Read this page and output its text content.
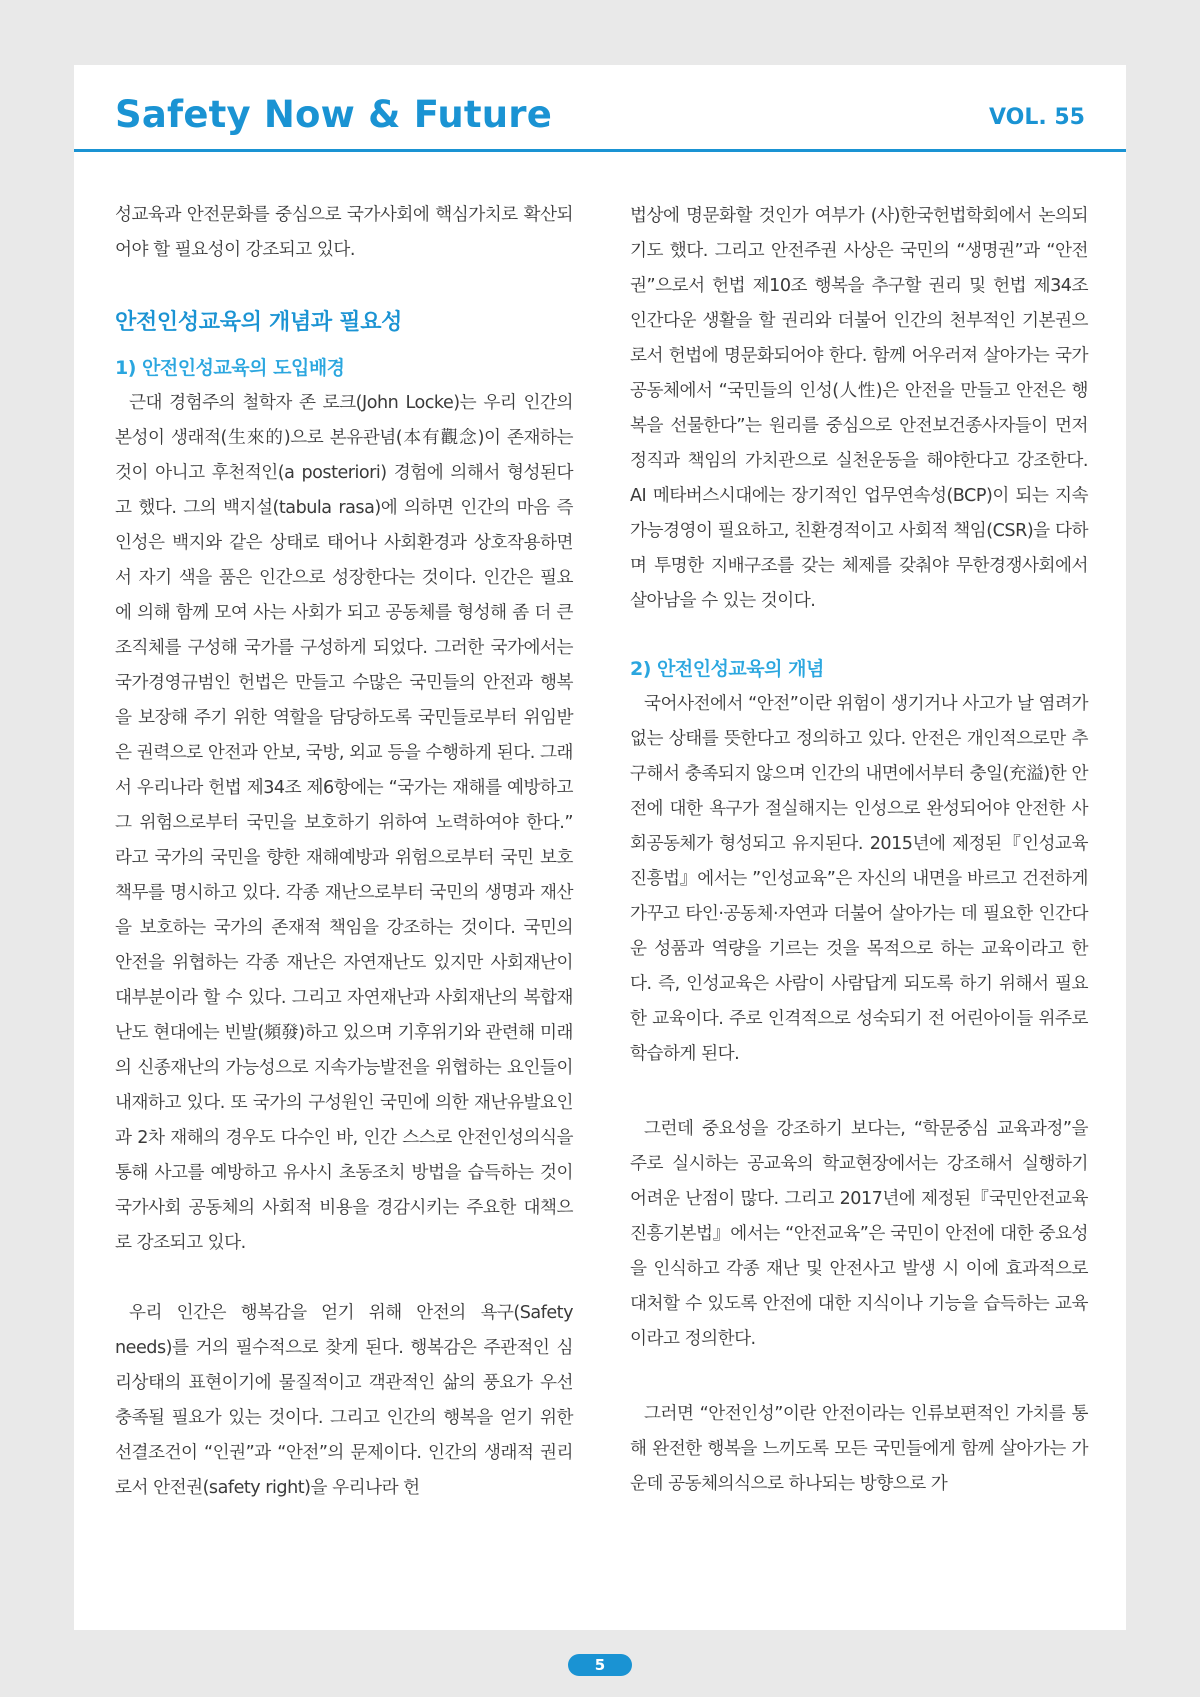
Safety Now & Future	VOL. 55

성교육과 안전문화를 중심으로 국가사회에 핵심가치로 확산되어야 할 필요성이 강조되고 있다.

안전인성교육의 개념과 필요성
1) 안전인성교육의 도입배경

근대 경험주의 철학자 존 로크(John Locke)는 우리 인간의 본성이 생래적(生來的)으로 본유관념(本有觀念)이 존재하는 것이 아니고 후천적인(a posteriori) 경험에 의해서 형성된다고 했다. 그의 백지설(tabula rasa)에 의하면 인간의 마음 즉 인성은 백지와 같은 상태로 태어나 사회환경과 상호작용하면서 자기 색을 품은 인간으로 성장한다는 것이다. 인간은 필요에 의해 함께 모여 사는 사회가 되고 공동체를 형성해 좀 더 큰 조직체를 구성해 국가를 구성하게 되었다. 그러한 국가에서는 국가경영규범인 헌법은 만들고 수많은 국민들의 안전과 행복을 보장해 주기 위한 역할을 담당하도록 국민들로부터 위임받은 권력으로 안전과 안보, 국방, 외교 등을 수행하게 된다. 그래서 우리나라 헌법 제34조 제6항에는 “국가는 재해를 예방하고 그 위험으로부터 국민을 보호하기 위하여 노력하여야 한다.” 라고 국가의 국민을 향한 재해예방과 위험으로부터 국민 보호책무를 명시하고 있다. 각종 재난으로부터 국민의 생명과 재산을 보호하는 국가의 존재적 책임을 강조하는 것이다. 국민의 안전을 위협하는 각종 재난은 자연재난도 있지만 사회재난이 대부분이라 할 수 있다. 그리고 자연재난과 사회재난의 복합재난도 현대에는 빈발(頻發)하고 있으며 기후위기와 관련해 미래의 신종재난의 가능성으로 지속가능발전을 위협하는 요인들이 내재하고 있다. 또 국가의 구성원인 국민에 의한 재난유발요인과 2차 재해의 경우도 다수인 바, 인간 스스로 안전인성의식을 통해 사고를 예방하고 유사시 초동조치 방법을 습득하는 것이 국가사회 공동체의 사회적 비용을 경감시키는 주요한 대책으로 강조되고 있다.

우리 인간은 행복감을 얻기 위해 안전의 욕구(Safety needs)를 거의 필수적으로 찾게 된다. 행복감은 주관적인 심리상태의 표현이기에 물질적이고 객관적인 삶의 풍요가 우선 충족될 필요가 있는 것이다. 그리고 인간의 행복을 얻기 위한 선결조건이 “인권”과 “안전”의 문제이다. 인간의 생래적 권리로서 안전권(safety right)을 우리나라 헌

법상에 명문화할 것인가 여부가 (사)한국헌법학회에서 논의되기도 했다. 그리고 안전주권 사상은 국민의 “생명권”과 “안전권”으로서 헌법 제10조 행복을 추구할 권리 및 헌법 제34조 인간다운 생활을 할 권리와 더불어 인간의 천부적인 기본권으로서 헌법에 명문화되어야 한다. 함께 어우러져 살아가는 국가공동체에서 “국민들의 인성(人性)은 안전을 만들고 안전은 행복을 선물한다”는 원리를 중심으로 안전보건종사자들이 먼저 정직과 책임의 가치관으로 실천운동을 해야한다고 강조한다. AI 메타버스시대에는 장기적인 업무연속성(BCP)이 되는 지속가능경영이 필요하고, 친환경적이고 사회적 책임(CSR)을 다하며 투명한 지배구조를 갖는 체제를 갖춰야 무한경쟁사회에서 살아남을 수 있는 것이다.

2) 안전인성교육의 개념

국어사전에서 “안전”이란 위험이 생기거나 사고가 날 염려가 없는 상태를 뜻한다고 정의하고 있다. 안전은 개인적으로만 추구해서 충족되지 않으며 인간의 내면에서부터 충일(充溢)한 안전에 대한 욕구가 절실해지는 인성으로 완성되어야 안전한 사회공동체가 형성되고 유지된다. 2015년에 제정된『인성교육진흥법』에서는 ”인성교육”은 자신의 내면을 바르고 건전하게 가꾸고 타인·공동체·자연과 더불어 살아가는 데 필요한 인간다운 성품과 역량을 기르는 것을 목적으로 하는 교육이라고 한다. 즉, 인성교육은 사람이 사람답게 되도록 하기 위해서 필요한 교육이다. 주로 인격적으로 성숙되기 전 어린아이들 위주로 학습하게 된다.

그런데 중요성을 강조하기 보다는, “학문중심 교육과정”을 주로 실시하는 공교육의 학교현장에서는 강조해서 실행하기 어려운 난점이 많다. 그리고 2017년에 제정된『국민안전교육 진흥기본법』에서는 “안전교육”은 국민이 안전에 대한 중요성을 인식하고 각종 재난 및 안전사고 발생 시 이에 효과적으로 대처할 수 있도록 안전에 대한 지식이나 기능을 습득하는 교육이라고 정의한다.

그러면 “안전인성”이란 안전이라는 인류보편적인 가치를 통해 완전한 행복을 느끼도록 모든 국민들에게 함께 살아가는 가운데 공동체의식으로 하나되는 방향으로 가

5
